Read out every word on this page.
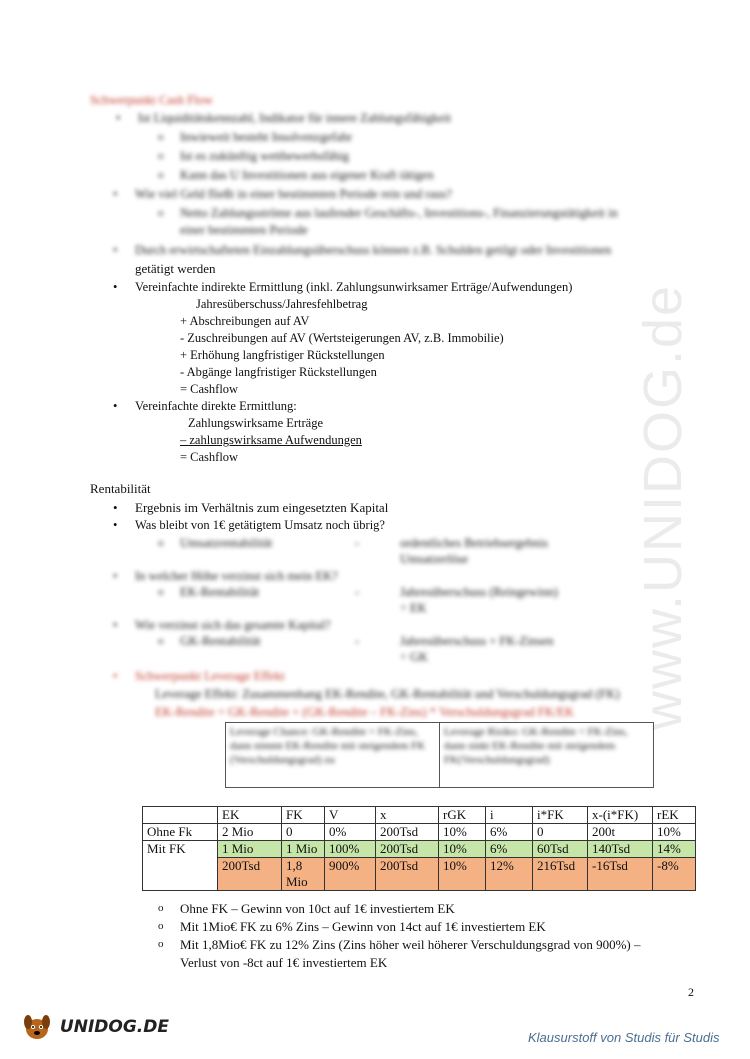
www.UNIDOG.de
Schwerpunkt Cash Flow
• Ist Liquiditätskennzahl, Indikator für innere Zahlungsfähigkeit
o Inwieweit besteht Insolvenzgefahr
o Ist es zukünftig wettbewerbsfähig
o Kann das U Investitionen aus eigener Kraft tätigen
• Wie viel Geld fließt in einer bestimmten Periode rein und raus?
o Netto Zahlungsströme aus laufender Geschäfts-, Investitions-, Finanzierungstätigkeit in
einer bestimmten Periode
• Durch erwirtschafteten Einzahlungsüberschuss können z.B. Schulden getilgt oder Investitionen
getätigt werden
• Vereinfachte indirekte Ermittlung (inkl. Zahlungsunwirksamer Erträge/Aufwendungen)
Jahresüberschuss/Jahresfehlbetrag
+ Abschreibungen auf AV
- Zuschreibungen auf AV (Wertsteigerungen AV, z.B. Immobilie)
+ Erhöhung langfristiger Rückstellungen
- Abgänge langfristiger Rückstellungen
= Cashflow
• Vereinfachte direkte Ermittlung:
Zahlungswirksame Erträge
– zahlungswirksame Aufwendungen
= Cashflow
Rentabilität
• Ergebnis im Verhältnis zum eingesetzten Kapital
• Was bleibt von 1€ getätigtem Umsatz noch übrig?
o Umsatzrentabilität	-	ordentliches Betriebsergebnis
Umsatzerlöse
• In welcher Höhe verzinst sich mein EK?
o EK-Rentabilität	-	Jahresüberschuss (Reingewinn)
÷ EK
• Wie verzinst sich das gesamte Kapital?
o GK-Rentabilität	-	Jahresüberschuss + FK-Zinsen
÷ GK
• Schwerpunkt Leverage Effekt
Leverage Effekt: Zusammenhang EK-Rendite, GK-Rentabilität und Verschuldungsgrad (FK)
EK-Rendite = GK-Rendite + (GK-Rendite – FK-Zins) * Verschuldungsgrad FK/EK
Leverage Chance: GK-Rendite > FK-Zins, dann nimmt EK-Rendite mit steigendem FK (Verschuldungsgrad) zu	Leverage Risiko: GK-Rendite < FK-Zins, dann sinkt EK-Rendite mit steigendem FK(Verschuldungsgrad)
	EK	FK	V	x	rGK	i	i*FK	x-(i*FK)	rEK
Ohne Fk	2 Mio	0	0%	200Tsd	10%	6%	0	200t	10%
Mit FK	1 Mio	1 Mio	100%	200Tsd	10%	6%	60Tsd	140Tsd	14%
	200Tsd	1,8 Mio	900%	200Tsd	10%	12%	216Tsd	-16Tsd	-8%
o Ohne FK – Gewinn von 10ct auf 1€ investiertem EK
o Mit 1Mio€ FK zu 6% Zins – Gewinn von 14ct auf 1€ investiertem EK
o Mit 1,8Mio€ FK zu 12% Zins (Zins höher weil höherer Verschuldungsgrad von 900%) –
Verlust von -8ct auf 1€ investiertem EK
2
UNIDOG.DE
Klausurstoff von Studis für Studis
